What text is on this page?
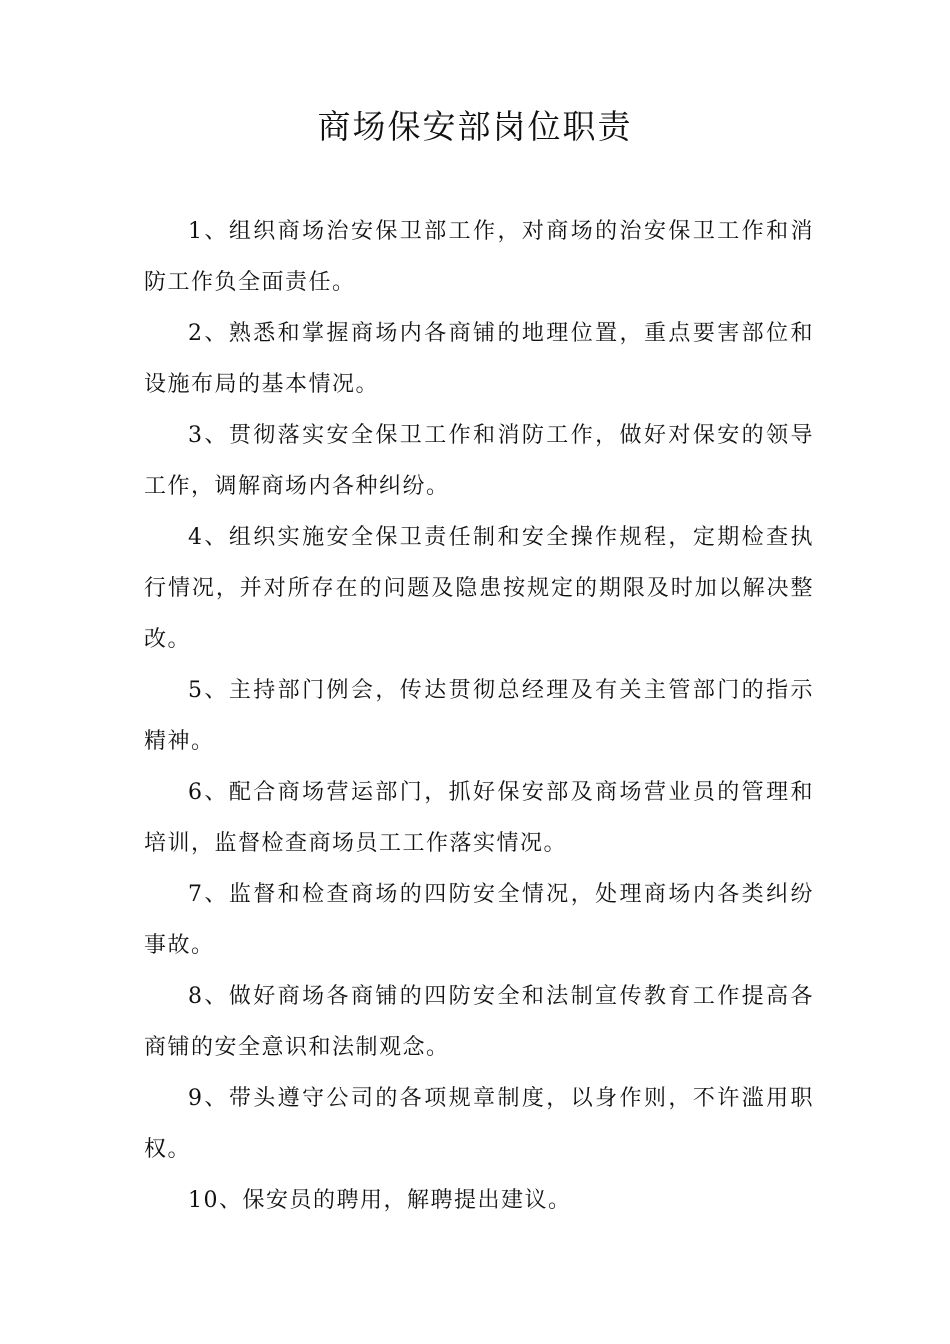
商场保安部岗位职责
1、组织商场治安保卫部工作，对商场的治安保卫工作和消防工作负全面责任。
2、熟悉和掌握商场内各商铺的地理位置，重点要害部位和设施布局的基本情况。
3、贯彻落实安全保卫工作和消防工作，做好对保安的领导工作，调解商场内各种纠纷。
4、组织实施安全保卫责任制和安全操作规程，定期检查执行情况，并对所存在的问题及隐患按规定的期限及时加以解决整改。
5、主持部门例会，传达贯彻总经理及有关主管部门的指示精神。
6、配合商场营运部门，抓好保安部及商场营业员的管理和培训，监督检查商场员工工作落实情况。
7、监督和检查商场的四防安全情况，处理商场内各类纠纷事故。
8、做好商场各商铺的四防安全和法制宣传教育工作提高各商铺的安全意识和法制观念。
9、带头遵守公司的各项规章制度，以身作则，不许滥用职权。
10、保安员的聘用，解聘提出建议。
